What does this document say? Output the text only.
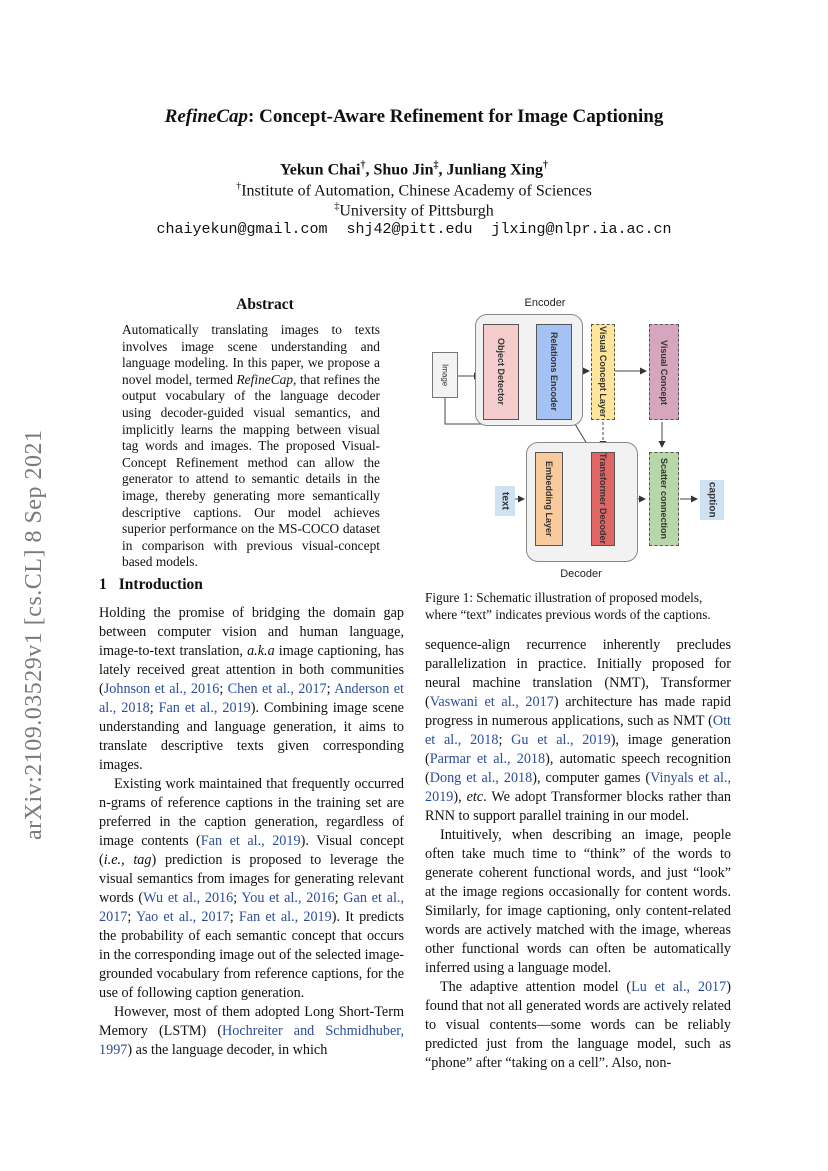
RefineCap: Concept-Aware Refinement for Image Captioning
Yekun Chai†, Shuo Jin‡, Junliang Xing†
†Institute of Automation, Chinese Academy of Sciences
‡University of Pittsburgh
chaiyekun@gmail.com shj42@pitt.edu jlxing@nlpr.ia.ac.cn
arXiv:2109.03529v1 [cs.CL] 8 Sep 2021
Abstract
Automatically translating images to texts involves image scene understanding and language modeling. In this paper, we propose a novel model, termed RefineCap, that refines the output vocabulary of the language decoder using decoder-guided visual semantics, and implicitly learns the mapping between visual tag words and images. The proposed Visual-Concept Refinement method can allow the generator to attend to semantic details in the image, thereby generating more semantically descriptive captions. Our model achieves superior performance on the MS-COCO dataset in comparison with previous visual-concept based models.
1 Introduction

Holding the promise of bridging the domain gap between computer vision and human language, image-to-text translation, a.k.a image captioning, has lately received great attention in both communities (Johnson et al., 2016; Chen et al., 2017; Anderson et al., 2018; Fan et al., 2019). Combining image scene understanding and language generation, it aims to translate descriptive texts given corresponding images.

Existing work maintained that frequently occurred n-grams of reference captions in the training set are preferred in the caption generation, regardless of image contents (Fan et al., 2019). Visual concept (i.e., tag) prediction is proposed to leverage the visual semantics from images for generating relevant words (Wu et al., 2016; You et al., 2016; Gan et al., 2017; Yao et al., 2017; Fan et al., 2019). It predicts the probability of each semantic concept that occurs in the corresponding image out of the selected image-grounded vocabulary from reference captions, for the use of following caption generation.

However, most of them adopted Long Short-Term Memory (LSTM) (Hochreiter and Schmidhuber, 1997) as the language decoder, in which

Encoder
Decoder
Image	Object Detector	Relations Encoder	Visual Concept Layer	Visual Concept
text	Embedding Layer	Transformer Decoder	Scatter connection	caption
Figure 1: Schematic illustration of proposed models, where “text” indicates previous words of the captions.

sequence-align recurrence inherently precludes parallelization in practice. Initially proposed for neural machine translation (NMT), Transformer (Vaswani et al., 2017) architecture has made rapid progress in numerous applications, such as NMT (Ott et al., 2018; Gu et al., 2019), image generation (Parmar et al., 2018), automatic speech recognition (Dong et al., 2018), computer games (Vinyals et al., 2019), etc. We adopt Transformer blocks rather than RNN to support parallel training in our model.

Intuitively, when describing an image, people often take much time to “think” of the words to generate coherent functional words, and just “look” at the image regions occasionally for content words. Similarly, for image captioning, only content-related words are actively matched with the image, whereas other functional words can often be automatically inferred using a language model.

The adaptive attention model (Lu et al., 2017) found that not all generated words are actively related to visual contents—some words can be reliably predicted just from the language model, such as “phone” after “taking on a cell”. Also, non-
